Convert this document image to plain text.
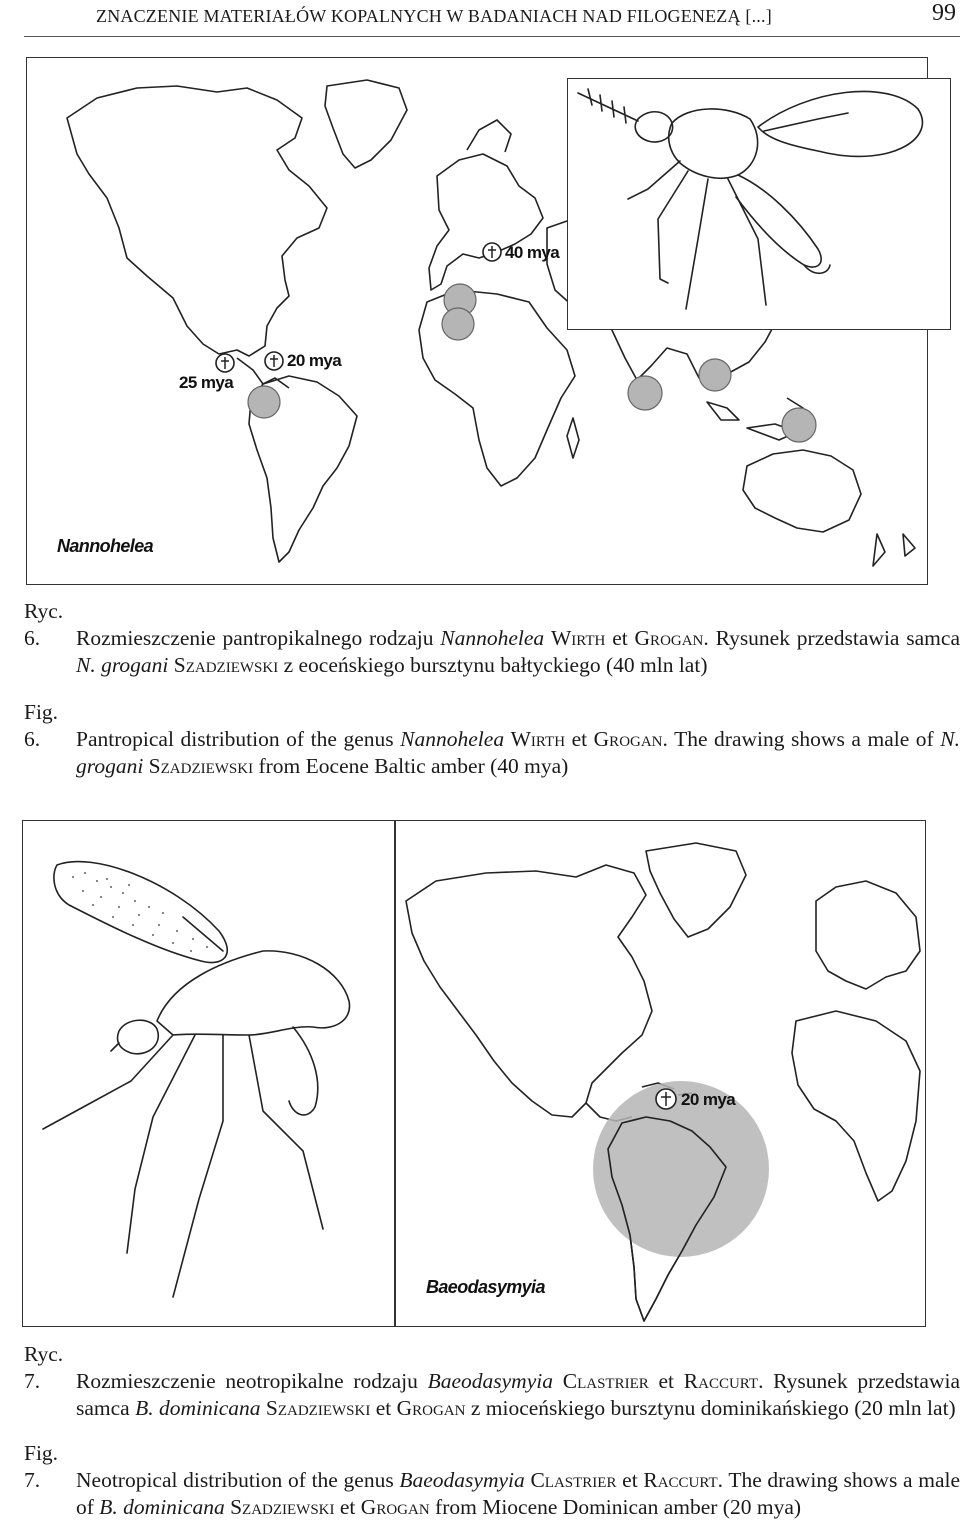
ZNACZENIE MATERIAŁÓW KOPALNYCH W BADANIACH NAD FILOGENEZĄ [...]	99
40 mya
20 mya
25 mya
Nannohelea
Ryc. 6.	Rozmieszczenie pantropikalnego rodzaju Nannohelea Wirth et Grogan. Rysunek przedstawia samca N. grogani Szadziewski z eoceńskiego bursztynu bałtyckiego (40 mln lat)
Fig. 6.	Pantropical distribution of the genus Nannohelea Wirth et Grogan. The drawing shows a male of N. grogani Szadziewski from Eocene Baltic amber (40 mya)
20 mya
Baeodasymyia
Ryc. 7.	Rozmieszczenie neotropikalne rodzaju Baeodasymyia Clastrier et Raccurt. Rysunek przedstawia samca B. dominicana Szadziewski et Grogan z mioceńskiego bursztynu dominikańskiego (20 mln lat)
Fig. 7.	Neotropical distribution of the genus Baeodasymyia Clastrier et Raccurt. The drawing shows a male of B. dominicana Szadziewski et Grogan from Miocene Dominican amber (20 mya)
